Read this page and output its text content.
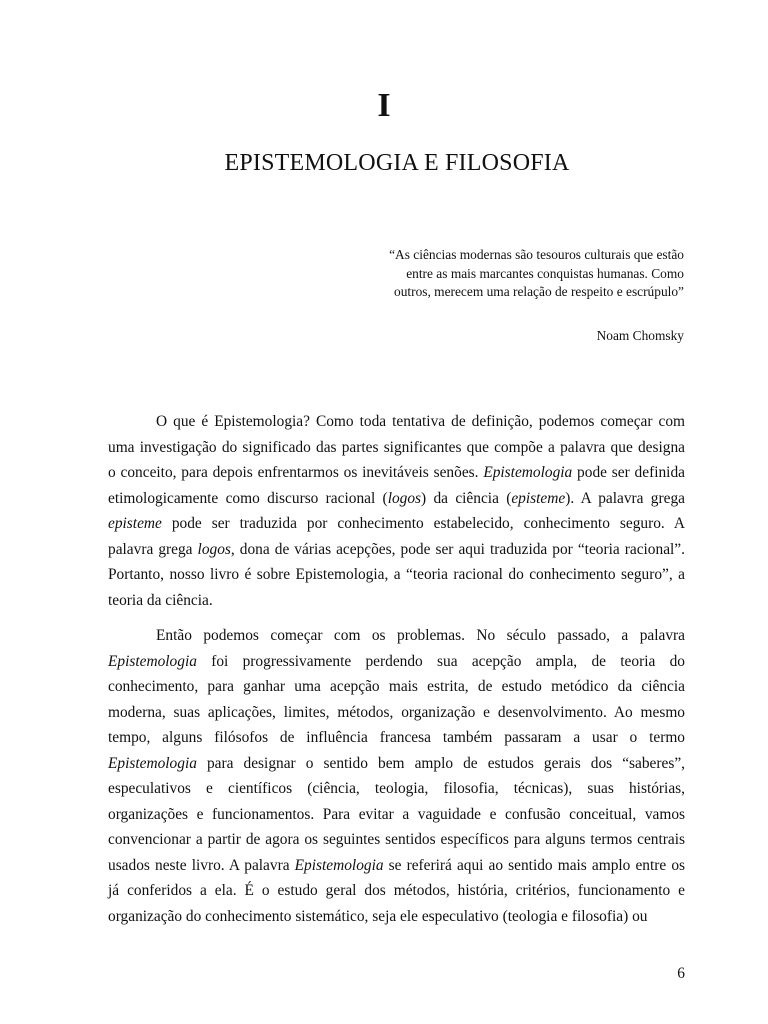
I
EPISTEMOLOGIA E FILOSOFIA
“As ciências modernas são tesouros culturais que estão
entre as mais marcantes conquistas humanas. Como
outros, merecem uma relação de respeito e escrúpulo”
Noam Chomsky
O que é Epistemologia? Como toda tentativa de definição, podemos começar com
uma investigação do significado das partes significantes que compõe a palavra que designa
o conceito, para depois enfrentarmos os inevitáveis senões. Epistemologia pode ser definida
etimologicamente como discurso racional (logos) da ciência (episteme). A palavra grega
episteme pode ser traduzida por conhecimento estabelecido, conhecimento seguro. A
palavra grega logos, dona de várias acepções, pode ser aqui traduzida por “teoria racional”.
Portanto, nosso livro é sobre Epistemologia, a “teoria racional do conhecimento seguro”, a
teoria da ciência.
Então podemos começar com os problemas. No século passado, a palavra
Epistemologia foi progressivamente perdendo sua acepção ampla, de teoria do
conhecimento, para ganhar uma acepção mais estrita, de estudo metódico da ciência
moderna, suas aplicações, limites, métodos, organização e desenvolvimento. Ao mesmo
tempo, alguns filósofos de influência francesa também passaram a usar o termo
Epistemologia para designar o sentido bem amplo de estudos gerais dos “saberes”,
especulativos e científicos (ciência, teologia, filosofia, técnicas), suas histórias,
organizações e funcionamentos. Para evitar a vaguidade e confusão conceitual, vamos
convencionar a partir de agora os seguintes sentidos específicos para alguns termos centrais
usados neste livro. A palavra Epistemologia se referirá aqui ao sentido mais amplo entre os
já conferidos a ela. É o estudo geral dos métodos, história, critérios, funcionamento e
organização do conhecimento sistemático, seja ele especulativo (teologia e filosofia) ou
6
